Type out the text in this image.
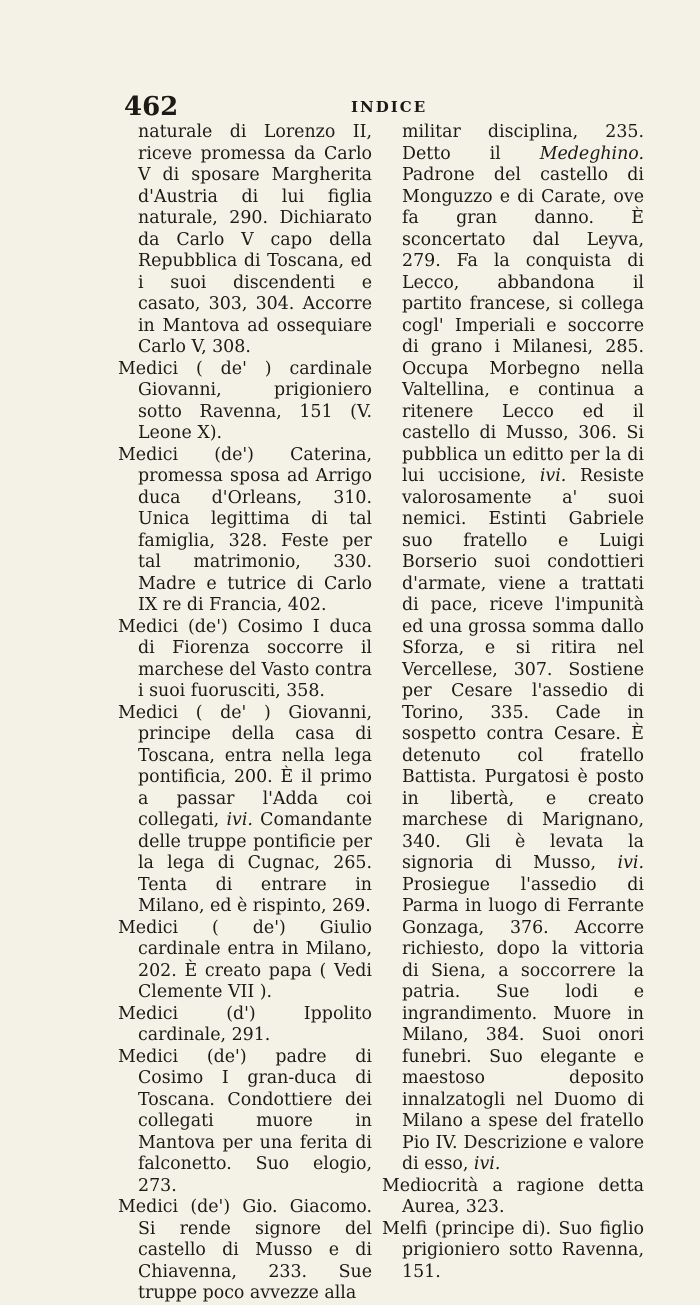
462	INDICE

naturale di Lorenzo II, riceve promessa da Carlo V di sposare Margherita d'Austria di lui figlia naturale, 290. Dichiarato da Carlo V capo della Repubblica di Toscana, ed i suoi discendenti e casato, 303, 304. Accorre in Mantova ad ossequiare Carlo V, 308.

Medici ( de' ) cardinale Giovanni, prigioniero sotto Ravenna, 151 (V. Leone X).

Medici (de') Caterina, promessa sposa ad Arrigo duca d'Orleans, 310. Unica legittima di tal famiglia, 328. Feste per tal matrimonio, 330. Madre e tutrice di Carlo IX re di Francia, 402.

Medici (de') Cosimo I duca di Fiorenza soccorre il marchese del Vasto contra i suoi fuorusciti, 358.

Medici ( de' ) Giovanni, principe della casa di Toscana, entra nella lega pontificia, 200. È il primo a passar l'Adda coi collegati, ivi. Comandante delle truppe pontificie per la lega di Cugnac, 265. Tenta di entrare in Milano, ed è rispinto, 269.

Medici ( de') Giulio cardinale entra in Milano, 202. È creato papa ( Vedi Clemente VII ).

Medici (d') Ippolito cardinale, 291.

Medici (de') padre di Cosimo I gran-duca di Toscana. Condottiere dei collegati muore in Mantova per una ferita di falconetto. Suo elogio, 273.

Medici (de') Gio. Giacomo. Si rende signore del castello di Musso e di Chiavenna, 233. Sue truppe poco avvezze alla

militar disciplina, 235. Detto il Medeghino. Padrone del castello di Monguzzo e di Carate, ove fa gran danno. È sconcertato dal Leyva, 279. Fa la conquista di Lecco, abbandona il partito francese, si collega cogl' Imperiali e soccorre di grano i Milanesi, 285. Occupa Morbegno nella Valtellina, e continua a ritenere Lecco ed il castello di Musso, 306. Si pubblica un editto per la di lui uccisione, ivi. Resiste valorosamente a' suoi nemici. Estinti Gabriele suo fratello e Luigi Borserio suoi condottieri d'armate, viene a trattati di pace, riceve l'impunità ed una grossa somma dallo Sforza, e si ritira nel Vercellese, 307. Sostiene per Cesare l'assedio di Torino, 335. Cade in sospetto contra Cesare. È detenuto col fratello Battista. Purgatosi è posto in libertà, e creato marchese di Marignano, 340. Gli è levata la signoria di Musso, ivi. Prosiegue l'assedio di Parma in luogo di Ferrante Gonzaga, 376. Accorre richiesto, dopo la vittoria di Siena, a soccorrere la patria. Sue lodi e ingrandimento. Muore in Milano, 384. Suoi onori funebri. Suo elegante e maestoso deposito innalzatogli nel Duomo di Milano a spese del fratello Pio IV. Descrizione e valore di esso, ivi.

Mediocrità a ragione detta Aurea, 323.

Melfi (principe di). Suo figlio prigioniero sotto Ravenna, 151.
